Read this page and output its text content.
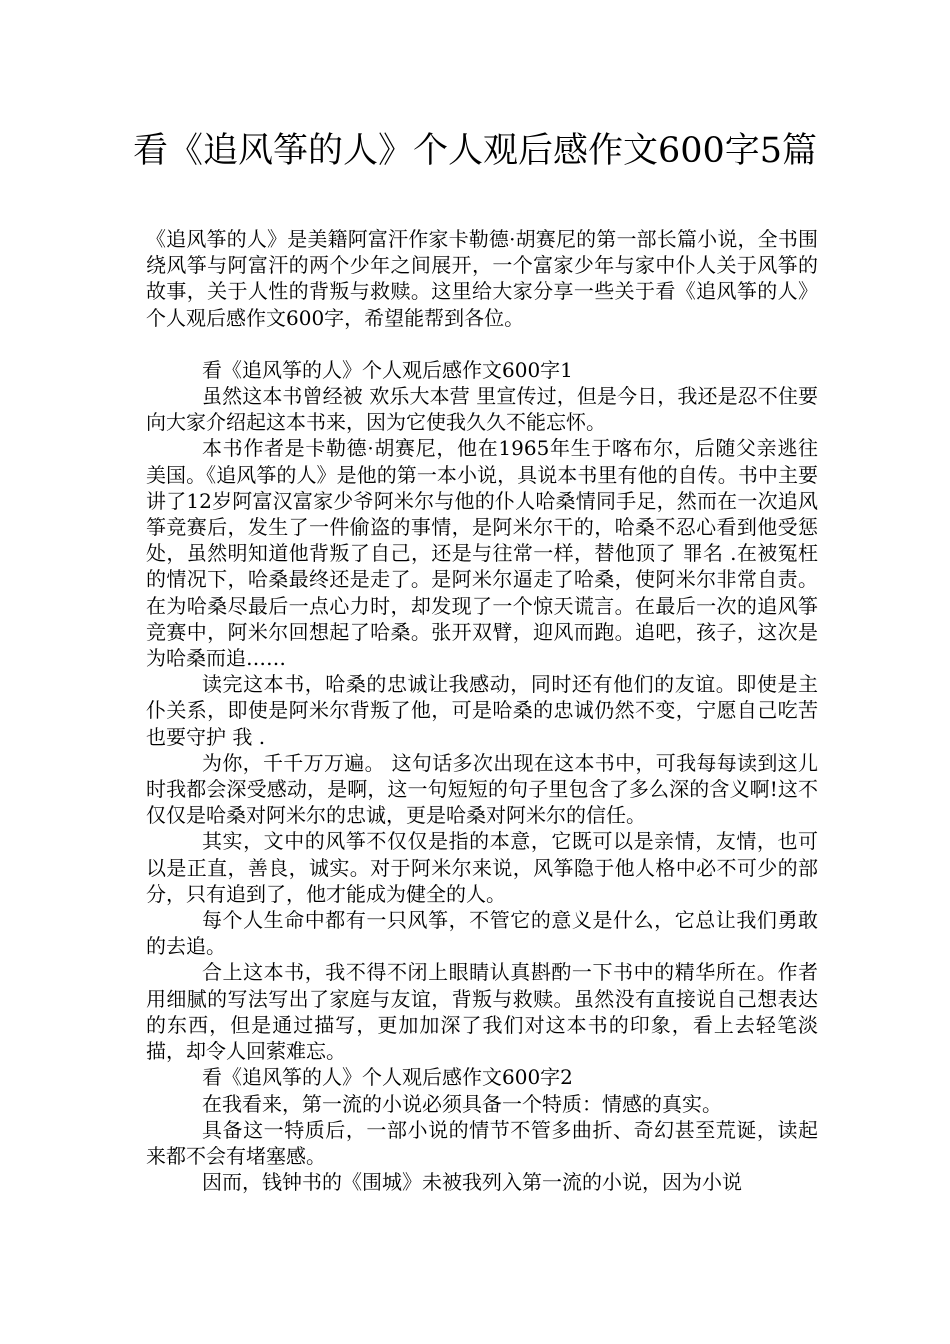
看《追风筝的人》个人观后感作文600字5篇

《追风筝的人》是美籍阿富汗作家卡勒德·胡赛尼的第一部长篇小说，全书围绕风筝与阿富汗的两个少年之间展开，一个富家少年与家中仆人关于风筝的故事，关于人性的背叛与救赎。这里给大家分享一些关于看《追风筝的人》个人观后感作文600字，希望能帮到各位。

看《追风筝的人》个人观后感作文600字1

虽然这本书曾经被 欢乐大本营 里宣传过，但是今日，我还是忍不住要向大家介绍起这本书来，因为它使我久久不能忘怀。

本书作者是卡勒德·胡赛尼，他在1965年生于喀布尔，后随父亲逃往美国。《追风筝的人》是他的第一本小说，具说本书里有他的自传。书中主要讲了12岁阿富汉富家少爷阿米尔与他的仆人哈桑情同手足，然而在一次追风筝竞赛后，发生了一件偷盗的事情，是阿米尔干的，哈桑不忍心看到他受惩处，虽然明知道他背叛了自己，还是与往常一样，替他顶了 罪名 .在被冤枉的情况下，哈桑最终还是走了。是阿米尔逼走了哈桑，使阿米尔非常自责。在为哈桑尽最后一点心力时，却发现了一个惊天谎言。在最后一次的追风筝竞赛中，阿米尔回想起了哈桑。张开双臂，迎风而跑。追吧，孩子，这次是为哈桑而追……

读完这本书，哈桑的忠诚让我感动，同时还有他们的友谊。即使是主仆关系，即使是阿米尔背叛了他，可是哈桑的忠诚仍然不变，宁愿自己吃苦也要守护 我 .

为你，千千万万遍。 这句话多次出现在这本书中，可我每每读到这儿时我都会深受感动，是啊，这一句短短的句子里包含了多么深的含义啊!这不仅仅是哈桑对阿米尔的忠诚，更是哈桑对阿米尔的信任。

其实，文中的风筝不仅仅是指的本意，它既可以是亲情，友情，也可以是正直，善良，诚实。对于阿米尔来说，风筝隐于他人格中必不可少的部分，只有追到了，他才能成为健全的人。

每个人生命中都有一只风筝，不管它的意义是什么，它总让我们勇敢的去追。

合上这本书，我不得不闭上眼睛认真斟酌一下书中的精华所在。作者用细腻的写法写出了家庭与友谊，背叛与救赎。虽然没有直接说自己想表达的东西，但是通过描写，更加加深了我们对这本书的印象，看上去轻笔淡描，却令人回萦难忘。

看《追风筝的人》个人观后感作文600字2

在我看来，第一流的小说必须具备一个特质：情感的真实。

具备这一特质后，一部小说的情节不管多曲折、奇幻甚至荒诞，读起来都不会有堵塞感。

因而，钱钟书的《围城》未被我列入第一流的小说，因为小说
